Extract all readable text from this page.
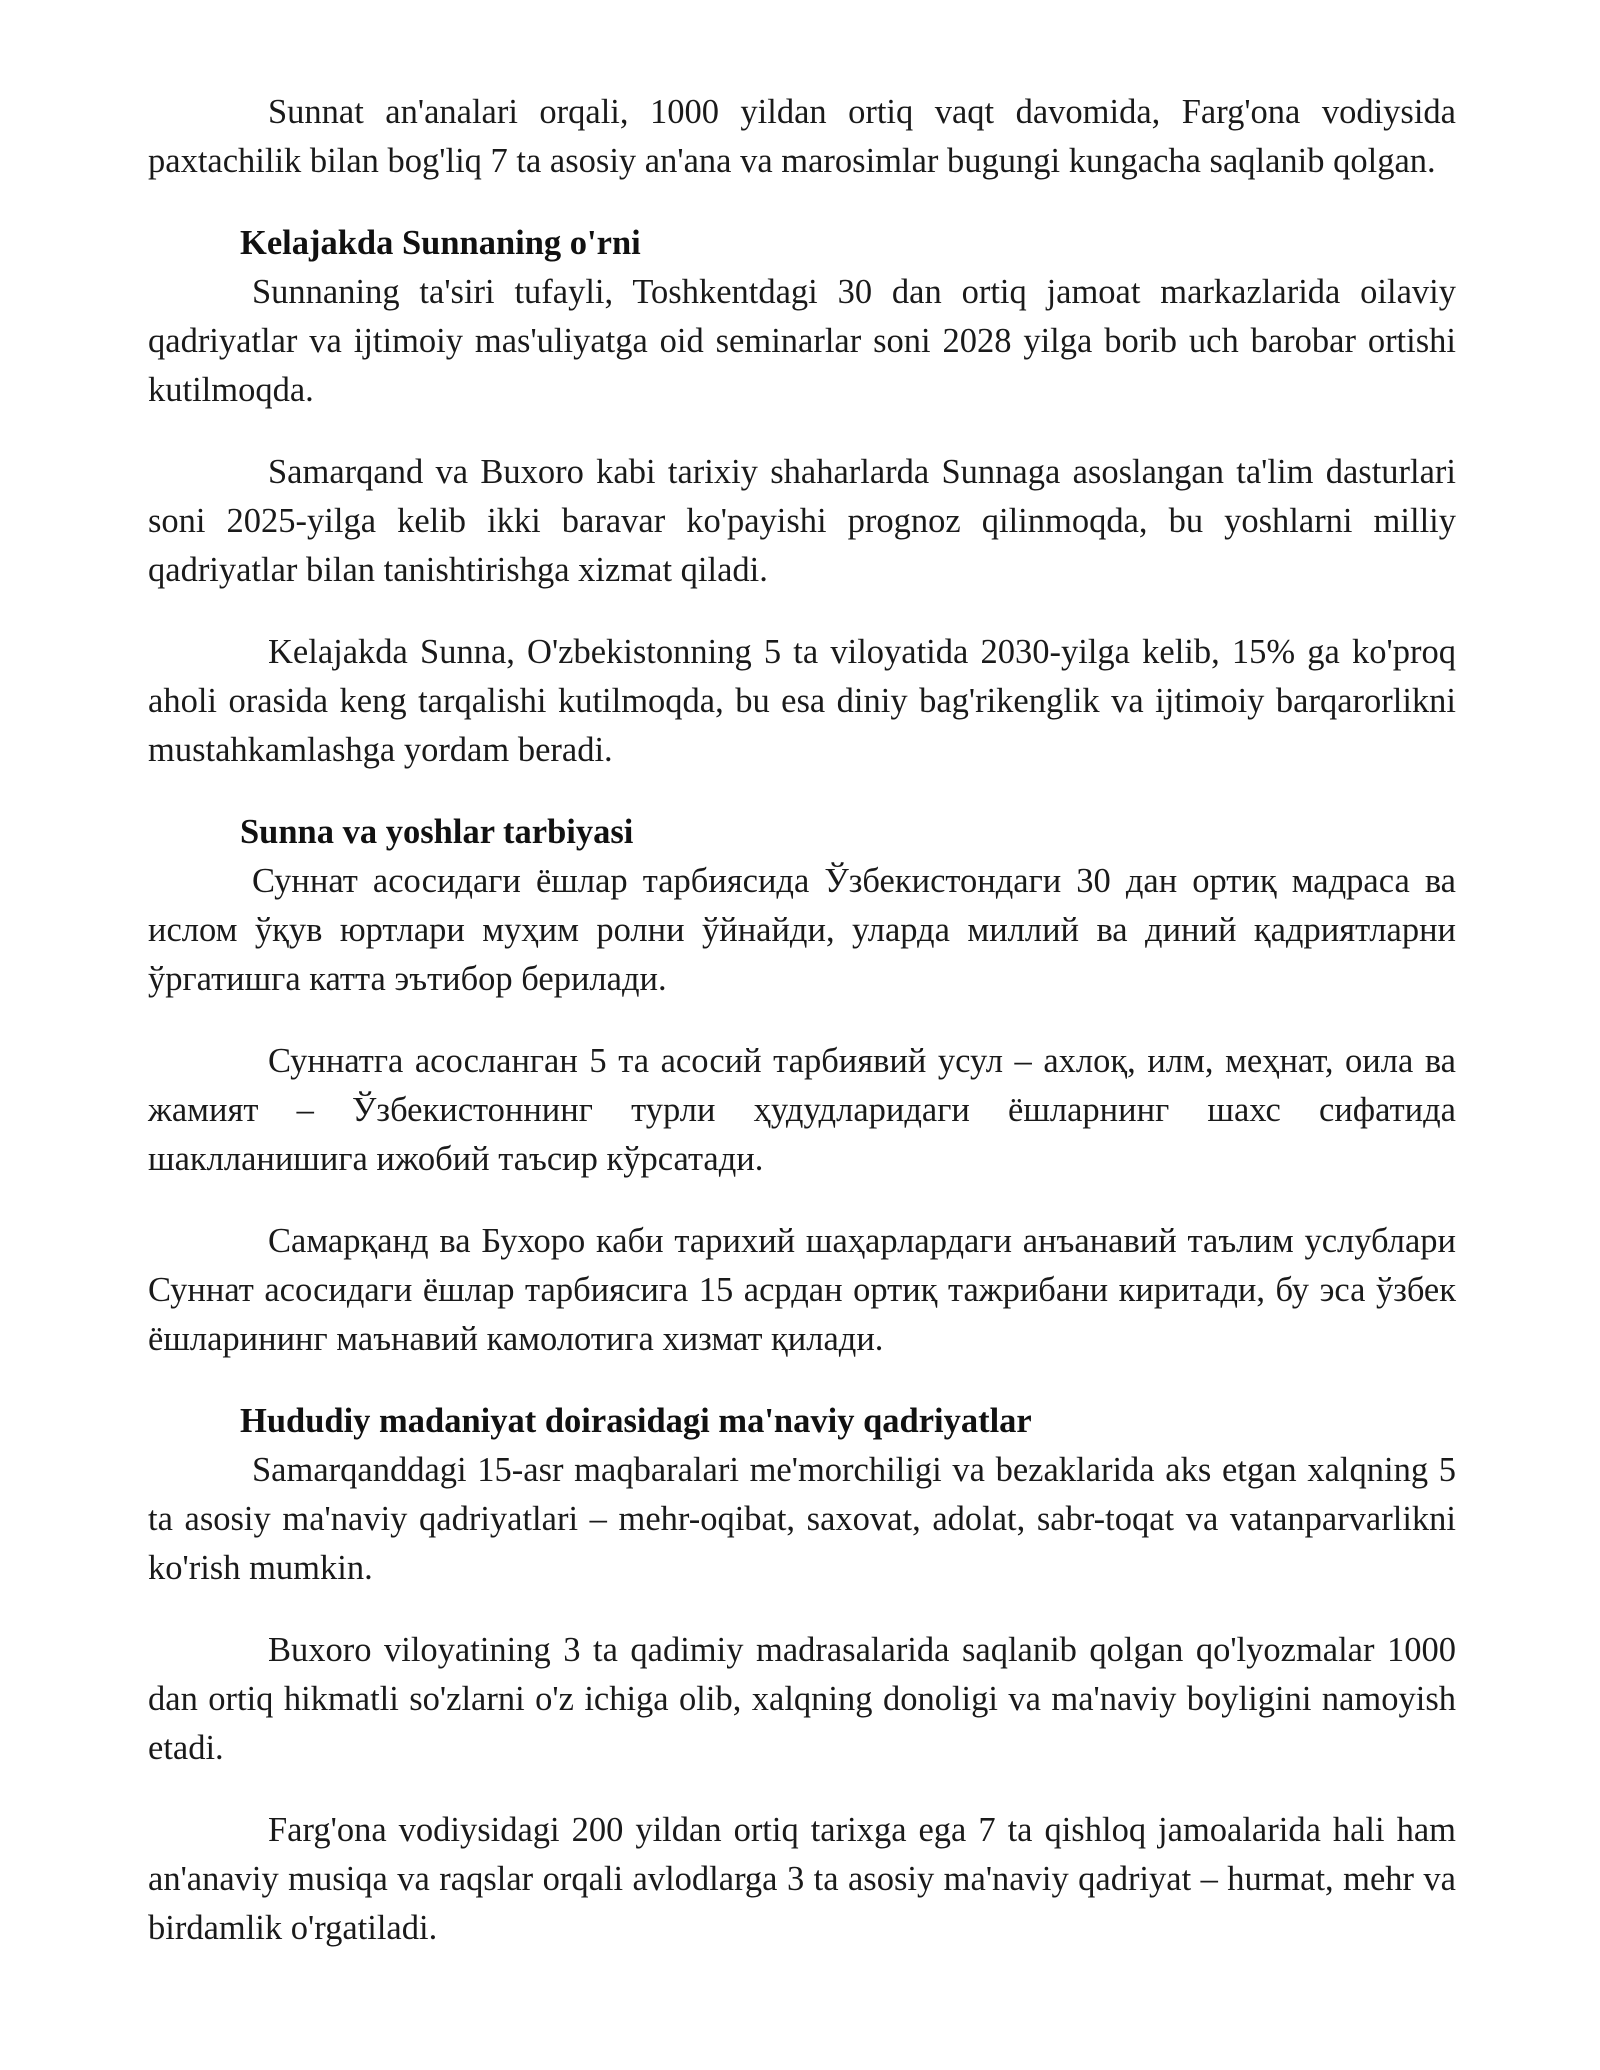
Sunnat an'analari orqali, 1000 yildan ortiq vaqt davomida, Farg'ona vodiysida paxtachilik bilan bog'liq 7 ta asosiy an'ana va marosimlar bugungi kungacha saqlanib qolgan.

Kelajakda Sunnaning o'rni

Sunnaning ta'siri tufayli, Toshkentdagi 30 dan ortiq jamoat markazlarida oilaviy qadriyatlar va ijtimoiy mas'uliyatga oid seminarlar soni 2028 yilga borib uch barobar ortishi kutilmoqda.

Samarqand va Buxoro kabi tarixiy shaharlarda Sunnaga asoslangan ta'lim dasturlari soni 2025-yilga kelib ikki baravar ko'payishi prognoz qilinmoqda, bu yoshlarni milliy qadriyatlar bilan tanishtirishga xizmat qiladi.

Kelajakda Sunna, O'zbekistonning 5 ta viloyatida 2030-yilga kelib, 15% ga ko'proq aholi orasida keng tarqalishi kutilmoqda, bu esa diniy bag'rikenglik va ijtimoiy barqarorlikni mustahkamlashga yordam beradi.

Sunna va yoshlar tarbiyasi

Суннат асосидаги ёшлар тарбиясида Ўзбекистондаги 30 дан ортиқ мадраса ва ислом ўқув юртлари муҳим ролни ўйнайди, уларда миллий ва диний қадриятларни ўргатишга катта эътибор берилади.

Суннатга асосланган 5 та асосий тарбиявий усул – ахлоқ, илм, меҳнат, оила ва жамият – Ўзбекистоннинг турли ҳудудларидаги ёшларнинг шахс сифатида шаклланишига ижобий таъсир кўрсатади.

Самарқанд ва Бухоро каби тарихий шаҳарлардаги анъанавий таълим услублари Суннат асосидаги ёшлар тарбиясига 15 асрдан ортиқ тажрибани киритади, бу эса ўзбек ёшларининг маънавий камолотига хизмат қилади.

Hududiy madaniyat doirasidagi ma'naviy qadriyatlar

Samarqanddagi 15-asr maqbaralari me'morchiligi va bezaklarida aks etgan xalqning 5 ta asosiy ma'naviy qadriyatlari – mehr-oqibat, saxovat, adolat, sabr-toqat va vatanparvarlikni ko'rish mumkin.

Buxoro viloyatining 3 ta qadimiy madrasalarida saqlanib qolgan qo'lyozmalar 1000 dan ortiq hikmatli so'zlarni o'z ichiga olib, xalqning donoligi va ma'naviy boyligini namoyish etadi.

Farg'ona vodiysidagi 200 yildan ortiq tarixga ega 7 ta qishloq jamoalarida hali ham an'anaviy musiqa va raqslar orqali avlodlarga 3 ta asosiy ma'naviy qadriyat – hurmat, mehr va birdamlik o'rgatiladi.
